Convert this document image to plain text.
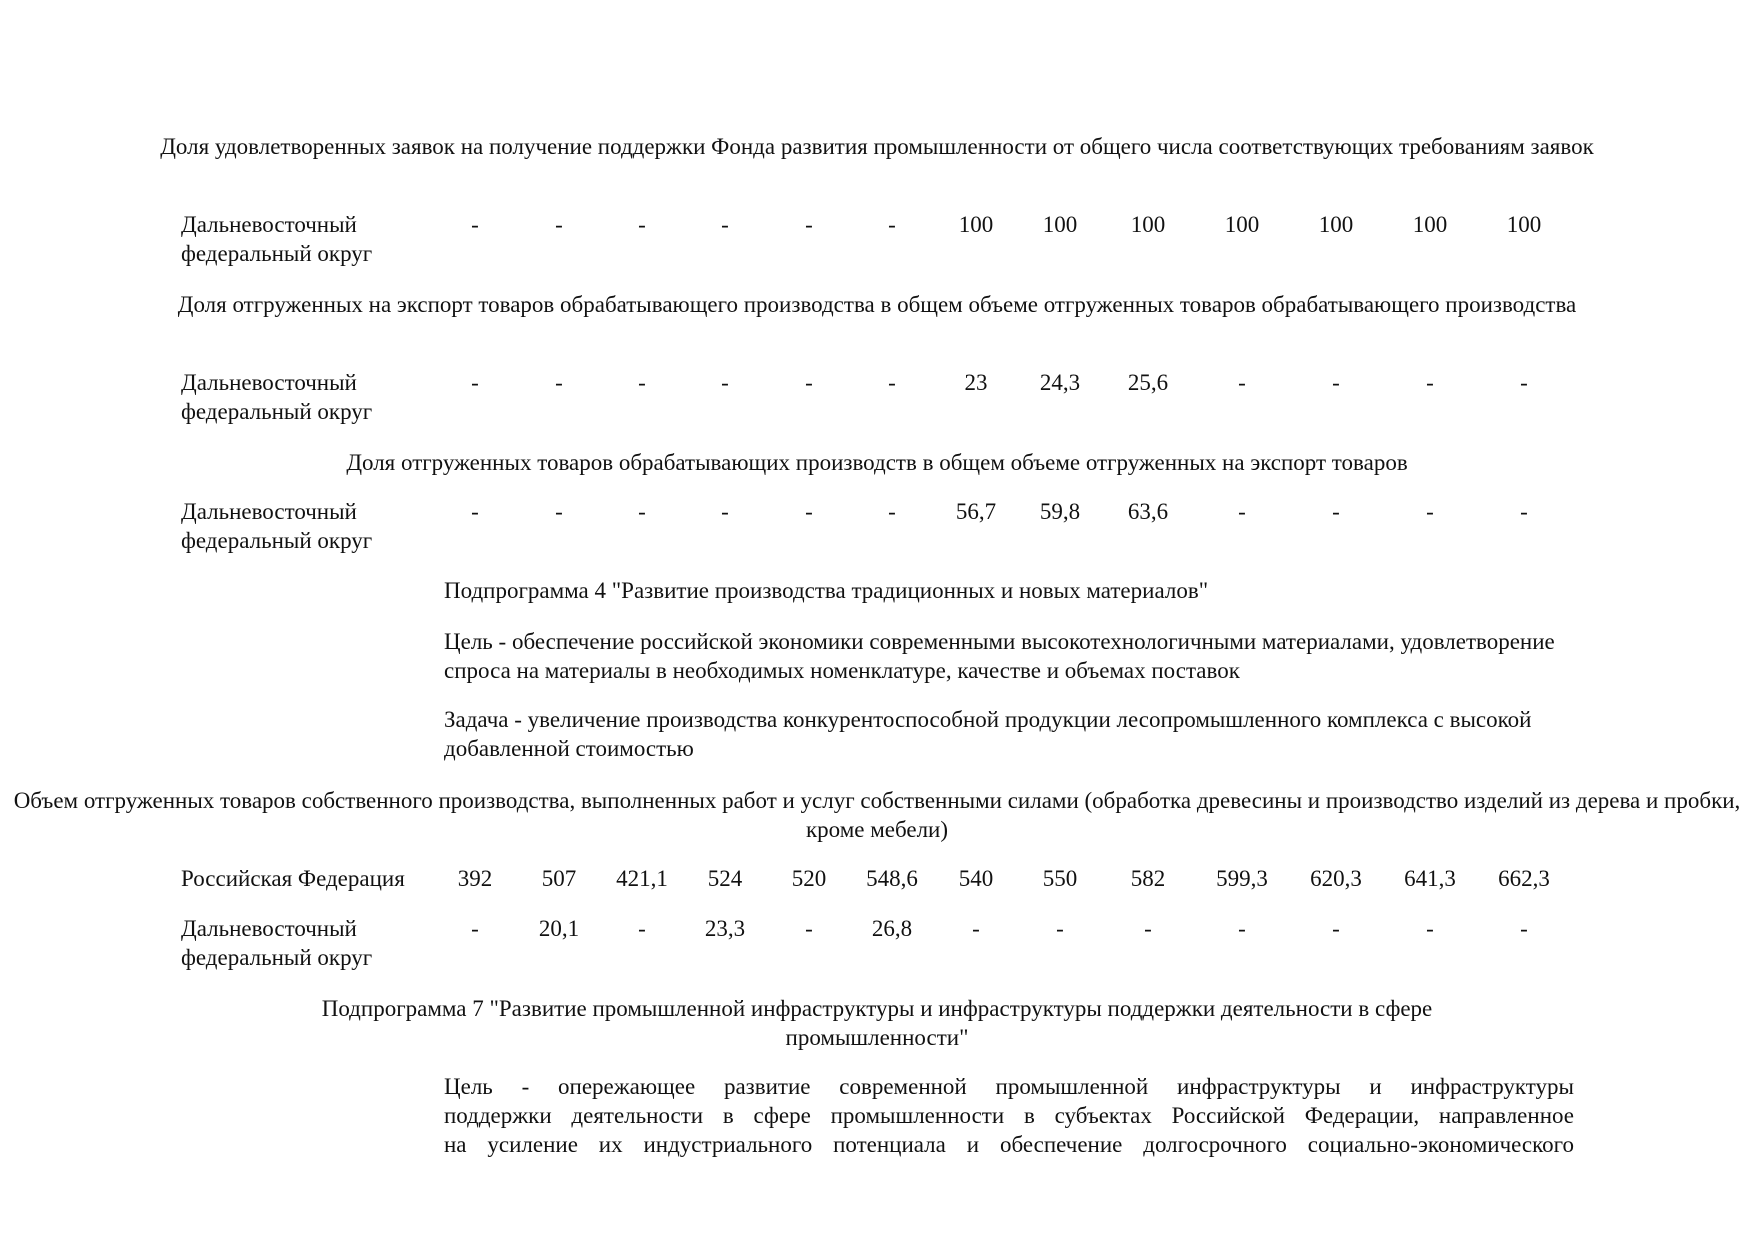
Доля удовлетворенных заявок на получение поддержки Фонда развития промышленности от общего числа соответствующих требованиям заявок
Дальневосточный федеральный округ
-	-	-	-	-	-	100	100	100	100	100	100	100
Доля отгруженных на экспорт товаров обрабатывающего производства в общем объеме отгруженных товаров обрабатывающего производства
Дальневосточный федеральный округ
-	-	-	-	-	-	23	24,3	25,6	-	-	-	-
Доля отгруженных товаров обрабатывающих производств в общем объеме отгруженных на экспорт товаров
Дальневосточный федеральный округ
-	-	-	-	-	-	56,7	59,8	63,6	-	-	-	-
Подпрограмма 4 "Развитие производства традиционных и новых материалов"
Цель - обеспечение российской экономики современными высокотехнологичными материалами, удовлетворение спроса на материалы в необходимых номенклатуре, качестве и объемах поставок
Задача - увеличение производства конкурентоспособной продукции лесопромышленного комплекса с высокой добавленной стоимостью
Объем отгруженных товаров собственного производства, выполненных работ и услуг собственными силами (обработка древесины и производство изделий из дерева и пробки, кроме мебели)
Российская Федерация	392	507	421,1	524	520	548,6	540	550	582	599,3	620,3	641,3	662,3
Дальневосточный федеральный округ
-	20,1	-	23,3	-	26,8	-	-	-	-	-	-	-
Подпрограмма 7 "Развитие промышленной инфраструктуры и инфраструктуры поддержки деятельности в сфере промышленности"
Цель - опережающее развитие современной промышленной инфраструктуры и инфраструктуры
поддержки деятельности в сфере промышленности в субъектах Российской Федерации, направленное
на усиление их индустриального потенциала и обеспечение долгосрочного социально-экономического
